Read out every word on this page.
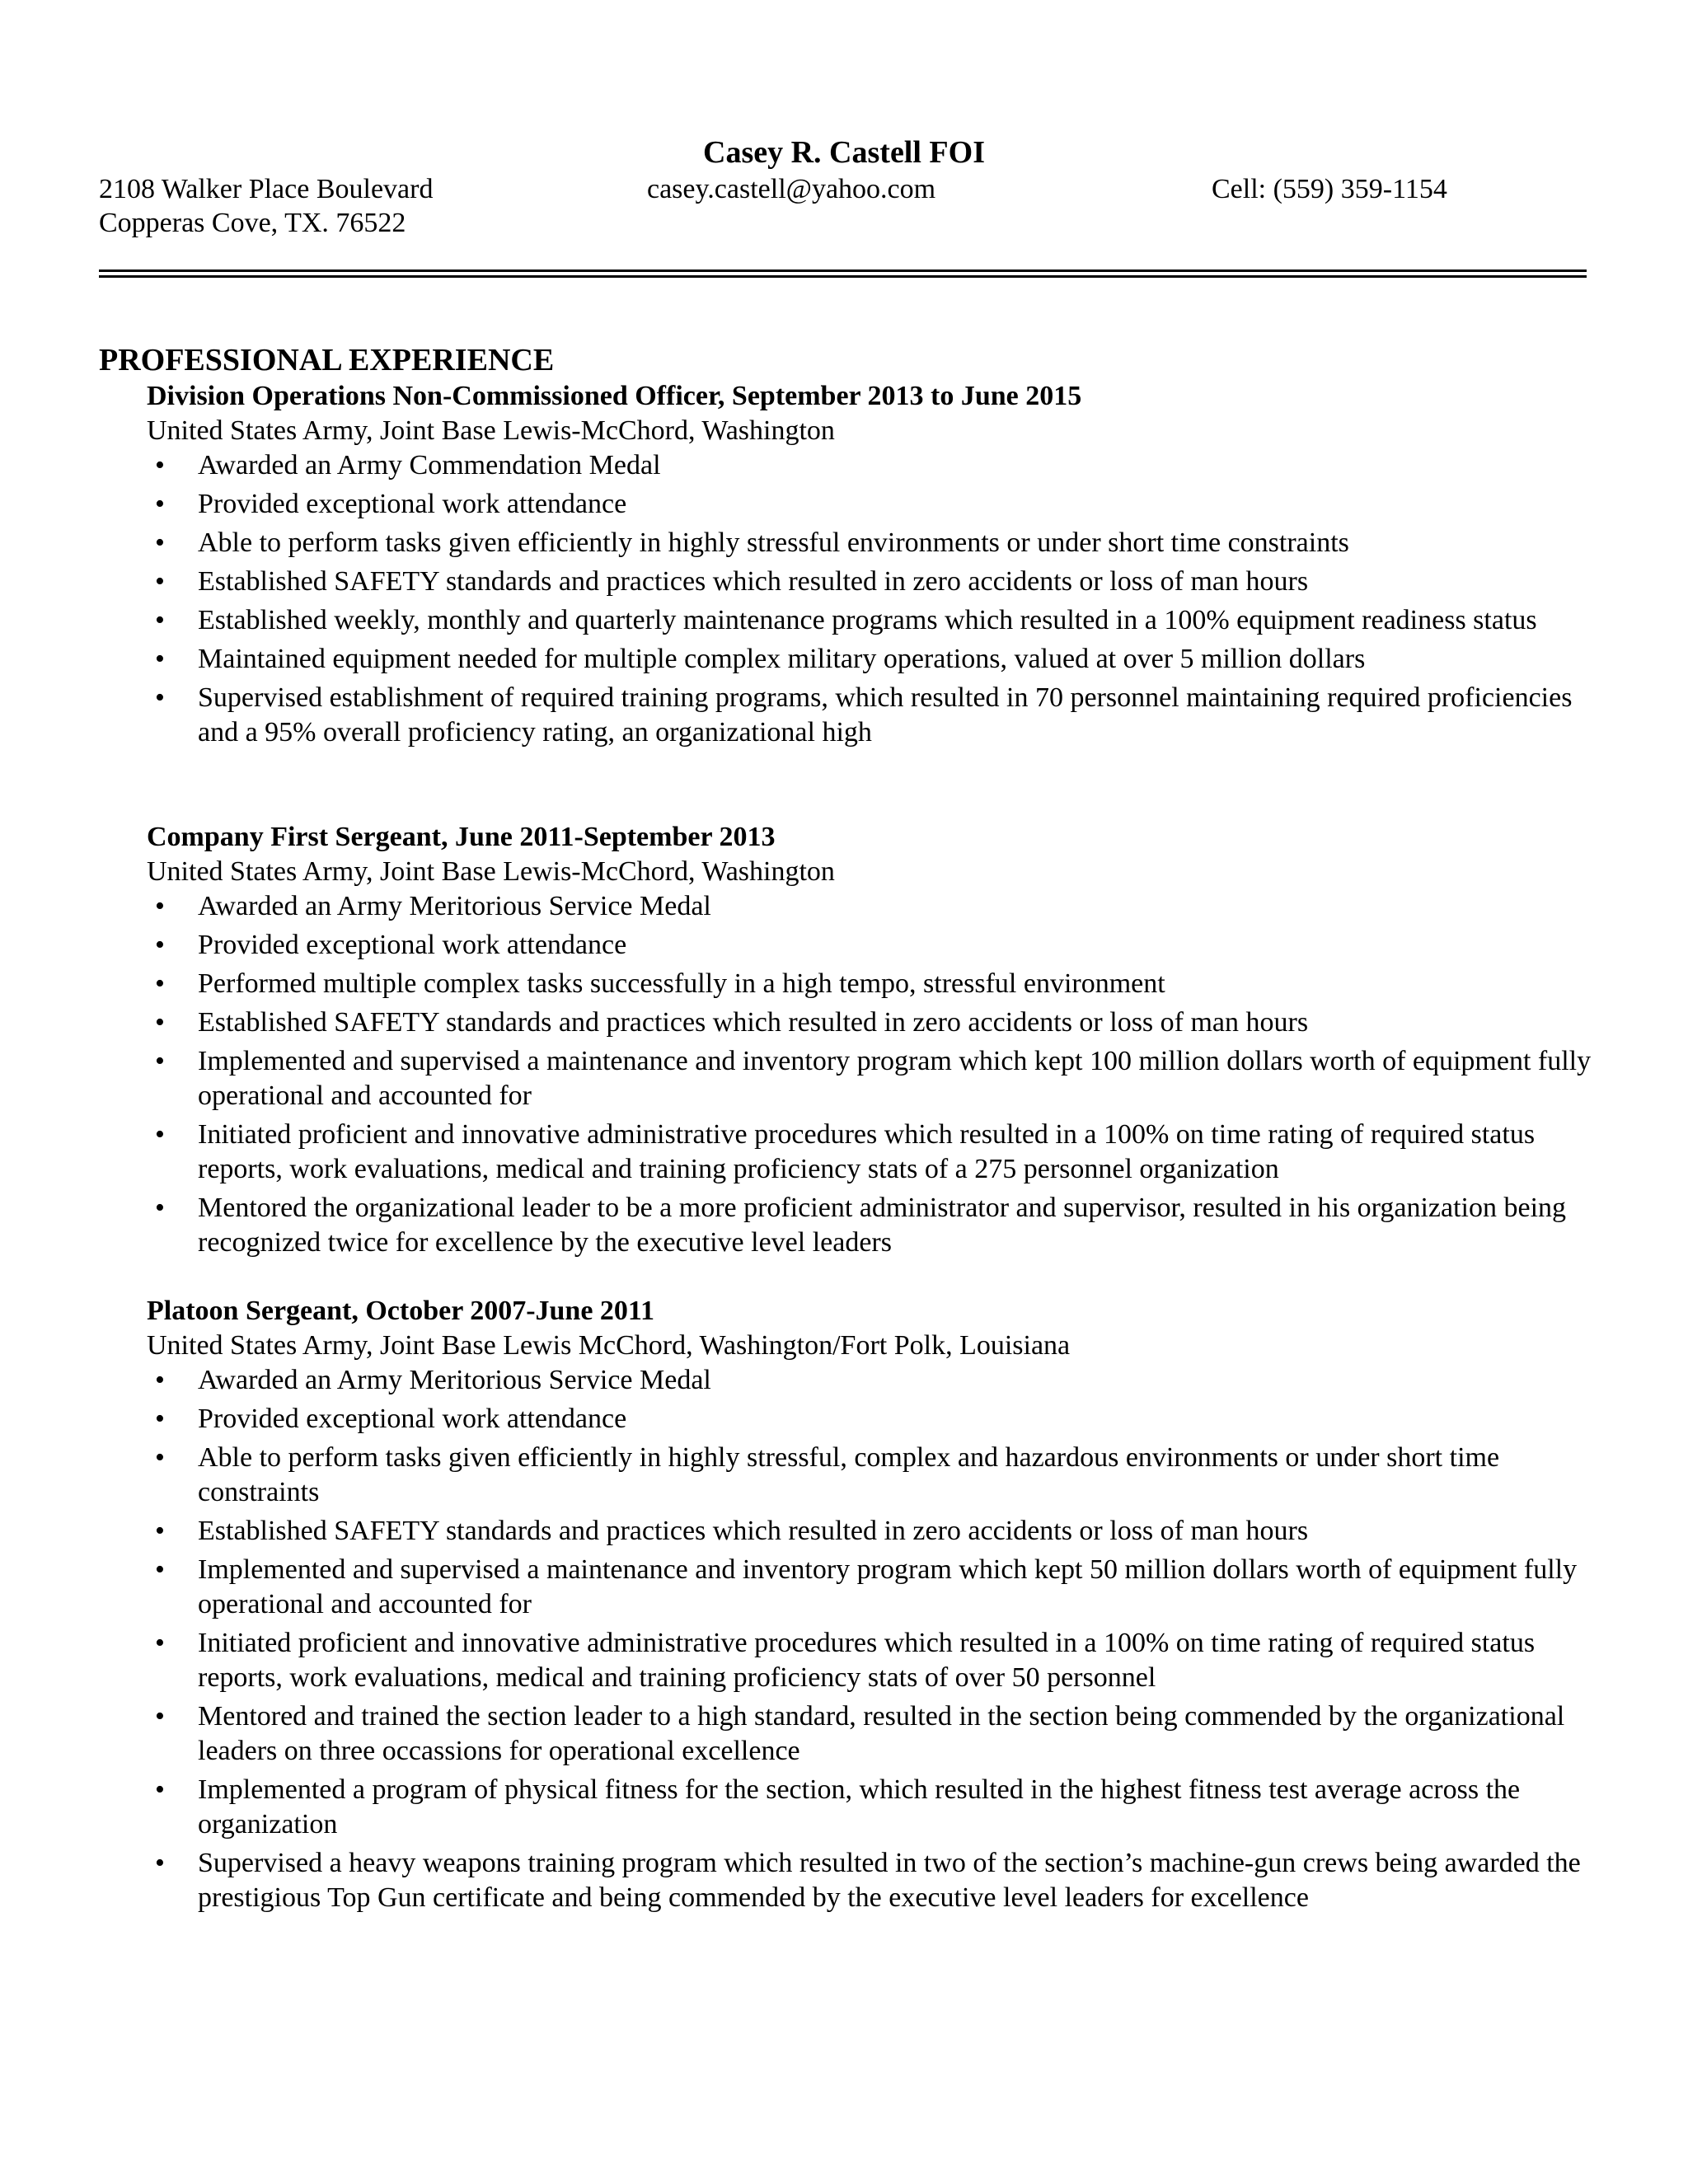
Casey R. Castell FOI
2108 Walker Place Boulevard
Copperas Cove, TX. 76522
casey.castell@yahoo.com	Cell: (559) 359-1154
PROFESSIONAL EXPERIENCE
Division Operations Non-Commissioned Officer, September 2013 to June 2015
United States Army, Joint Base Lewis-McChord, Washington
• Awarded an Army Commendation Medal
• Provided exceptional work attendance
• Able to perform tasks given efficiently in highly stressful environments or under short time constraints
• Established SAFETY standards and practices which resulted in zero accidents or loss of man hours
• Established weekly, monthly and quarterly maintenance programs which resulted in a 100% equipment readiness status
• Maintained equipment needed for multiple complex military operations, valued at over 5 million dollars
• Supervised establishment of required training programs, which resulted in 70 personnel maintaining required proficiencies and a 95% overall proficiency rating, an organizational high
Company First Sergeant, June 2011-September 2013
United States Army, Joint Base Lewis-McChord, Washington
• Awarded an Army Meritorious Service Medal
• Provided exceptional work attendance
• Performed multiple complex tasks successfully in a high tempo, stressful environment
• Established SAFETY standards and practices which resulted in zero accidents or loss of man hours
• Implemented and supervised a maintenance and inventory program which kept 100 million dollars worth of equipment fully operational and accounted for
• Initiated proficient and innovative administrative procedures which resulted in a 100% on time rating of required status reports, work evaluations, medical and training proficiency stats of a 275 personnel organization
• Mentored the organizational leader to be a more proficient administrator and supervisor, resulted in his organization being recognized twice for excellence by the executive level leaders
Platoon Sergeant, October 2007-June 2011
United States Army, Joint Base Lewis McChord, Washington/Fort Polk, Louisiana
• Awarded an Army Meritorious Service Medal
• Provided exceptional work attendance
• Able to perform tasks given efficiently in highly stressful, complex and hazardous environments or under short time constraints
• Established SAFETY standards and practices which resulted in zero accidents or loss of man hours
• Implemented and supervised a maintenance and inventory program which kept 50 million dollars worth of equipment fully operational and accounted for
• Initiated proficient and innovative administrative procedures which resulted in a 100% on time rating of required status reports, work evaluations, medical and training proficiency stats of over 50 personnel
• Mentored and trained the section leader to a high standard, resulted in the section being commended by the organizational leaders on three occassions for operational excellence
• Implemented a program of physical fitness for the section, which resulted in the highest fitness test average across the organization
• Supervised a heavy weapons training program which resulted in two of the section’s machine-gun crews being awarded the prestigious Top Gun certificate and being commended by the executive level leaders for excellence
